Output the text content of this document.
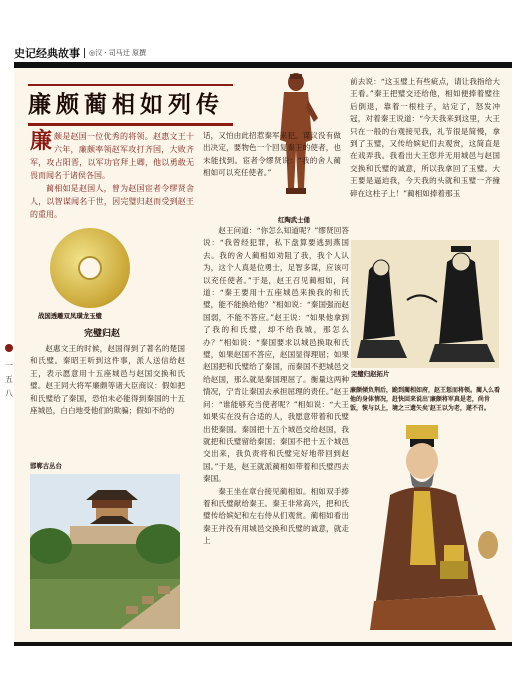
史记经典故事 ◎汉 · 司马迁 原撰
廉颇蔺相如列传

廉颇是赵国一位优秀的将领。赵惠文王十六年，廉颇率领赵军攻打齐国，大败齐军，攻占阳晋，以军功官拜上卿，他以勇敢无畏而闻名于诸侯各国。

蔺相如是赵国人，曾为赵国宦者令缪贤舍人，以智谋闻名于世，因完璧归赵而受到赵王的重用。

战国透雕双凤璜龙玉璧
红陶武士俑

话，又怕由此招惹秦军来犯。谋议没有做出决定，要物色一个回复秦王的使者，也未能找到。宦者令缪贤说：“我的舍人蔺相如可以充任使者。”

赵王问道：“你怎么知道呢？”缪贤回答说：“我曾经犯罪，私下盘算要逃到燕国去。我的舍人蔺相如劝阻了我，我个人认为，这个人真是位勇士，足智多谋，应该可以充任使者。”于是，赵王召见蔺相如，问道：“秦王要用十五座城邑来换我的和氏璧，能不能换给他？”相如说：“秦国强而赵国弱，不能不答应。”赵王说：“如果他拿到了我的和氏璧，却不给我城，那怎么办？”相如说：“秦国要求以城邑换取和氏璧，如果赵国不答应，赵国显得理屈；如果赵国把和氏璧给了秦国，而秦国不把城邑交给赵国，那么就是秦国理屈了。衡量这两种情况，宁肯让秦国去承担屈理的责任。”赵王问：“谁能够充当使者呢？”相如说：“大王如果实在没有合适的人，我愿意带着和氏璧出使秦国。秦国把十五个城邑交给赵国，我就把和氏璧留给秦国；秦国不把十五个城邑交出来，我负责将和氏璧完好地带回到赵国。”于是，赵王就派蔺相如带着和氏璧西去秦国。

秦王坐在章台接见蔺相如。相如双手捧着和氏璧献给秦王。秦王非常高兴，把和氏璧传给嫔妃和左右侍从们观赏。蔺相如看出秦王并没有用城邑交换和氏璧的诚意，就走上

完璧归赵

赵惠文王的时候，赵国得到了著名的楚国和氏璧。秦昭王听到这件事，派人送信给赵王，表示愿意用十五座城邑与赵国交换和氏璧。赵王同大将军廉颇等诸大臣商议：假如把和氏璧给了秦国，恐怕未必能得到秦国的十五座城邑，白白地受他们的欺骗；假如不给的

邯郸古丛台

前去说：“这玉璧上有些疵点，请让我指给大王看。”秦王把璧交还给他，相如便捧着璧往后倒退，靠着一根柱子，站定了，怒发冲冠，对着秦王说道：“今天我来到这里，大王只在一般的台观接见我，礼节很是简慢，拿到了玉璧，又传给嫔妃们去观赏，这简直是在戏弄我。我看出大王您并无用城邑与赵国交换和氏璧的诚意，所以我拿回了玉璧。大王要是逼迫我，今天我的头就和玉璧一齐撞碎在这柱子上！”蔺相如捧着那玉

完璧归赵拓片
廉颇倾负荆后，跪到蔺相如府，赵王惩而将领。蔺人么看他的身体情况，赶快回来说出'廉颇将军真是老，尚肯饭，恢与以上，境之三遗矢矣'赵王以为老，遂不召。
一
五
八
